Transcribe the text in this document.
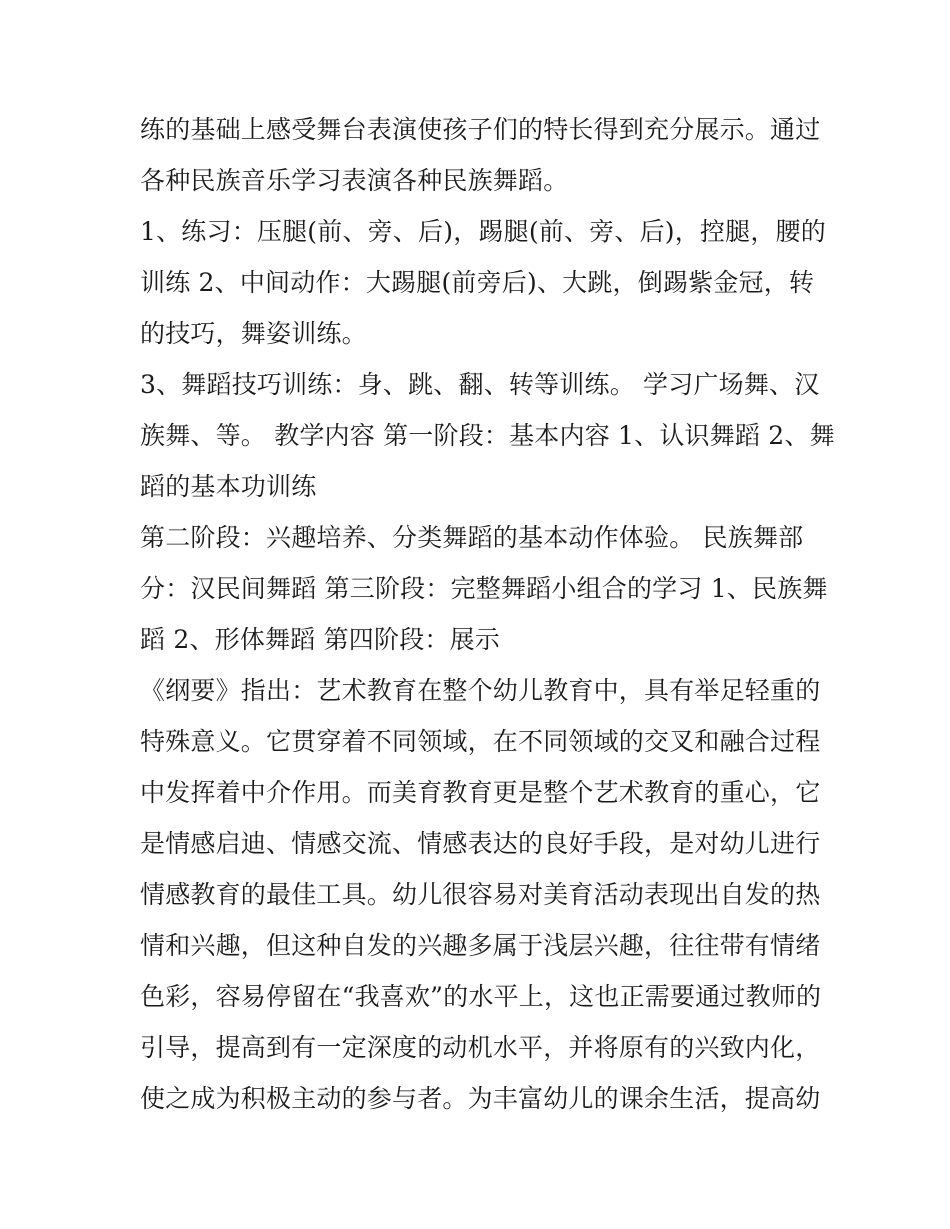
练的基础上感受舞台表演使孩子们的特长得到充分展示。通过
各种民族音乐学习表演各种民族舞蹈。
1、练习：压腿(前、旁、后)，踢腿(前、旁、后)，控腿，腰的
训练 2、中间动作：大踢腿(前旁后)、大跳，倒踢紫金冠，转
的技巧，舞姿训练。
3、舞蹈技巧训练：身、跳、翻、转等训练。 学习广场舞、汉
族舞、等。 教学内容 第一阶段：基本内容 1、认识舞蹈 2、舞
蹈的基本功训练
第二阶段：兴趣培养、分类舞蹈的基本动作体验。 民族舞部
分：汉民间舞蹈 第三阶段：完整舞蹈小组合的学习 1、民族舞
蹈 2、形体舞蹈 第四阶段：展示
《纲要》指出：艺术教育在整个幼儿教育中，具有举足轻重的
特殊意义。它贯穿着不同领域，在不同领域的交叉和融合过程
中发挥着中介作用。而美育教育更是整个艺术教育的重心，它
是情感启迪、情感交流、情感表达的良好手段，是对幼儿进行
情感教育的最佳工具。幼儿很容易对美育活动表现出自发的热
情和兴趣，但这种自发的兴趣多属于浅层兴趣，往往带有情绪
色彩，容易停留在“我喜欢”的水平上，这也正需要通过教师的
引导，提高到有一定深度的动机水平，并将原有的兴致内化，
使之成为积极主动的参与者。为丰富幼儿的课余生活，提高幼
